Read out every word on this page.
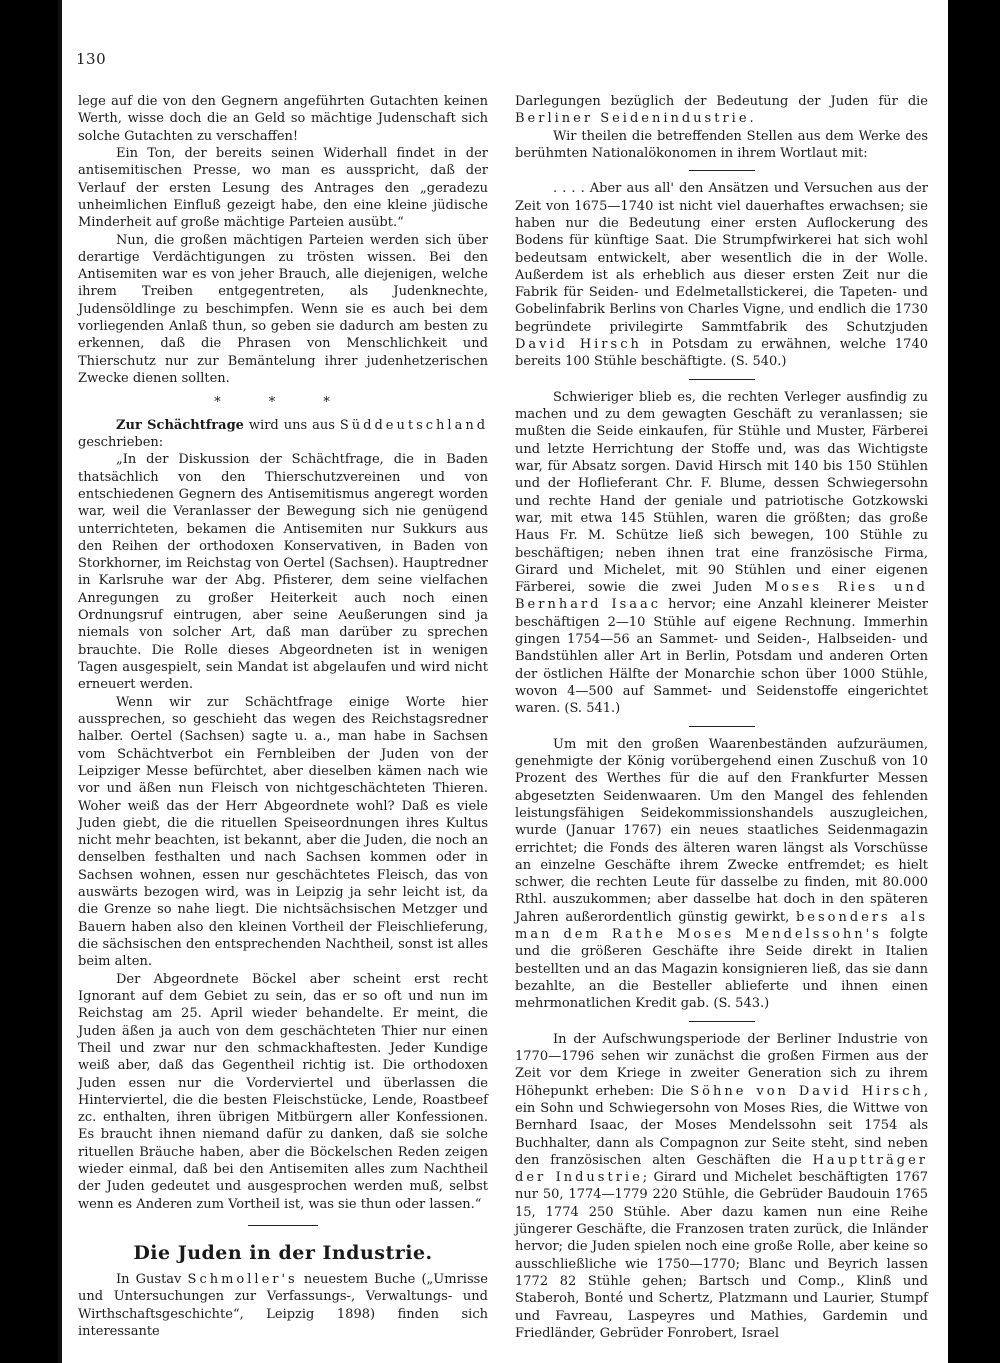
130

lege auf die von den Gegnern angeführten Gutachten keinen Werth, wisse doch die an Geld so mächtige Judenschaft sich solche Gutachten zu verschaffen!

Ein Ton, der bereits seinen Widerhall findet in der antisemitischen Presse, wo man es ausspricht, daß der Verlauf der ersten Lesung des Antrages den „geradezu unheimlichen Einfluß gezeigt habe, den eine kleine jüdische Minderheit auf große mächtige Parteien ausübt.“

Nun, die großen mächtigen Parteien werden sich über derartige Verdächtigungen zu trösten wissen. Bei den Antisemiten war es von jeher Brauch, alle diejenigen, welche ihrem Treiben entgegentreten, als Judenknechte, Judensöldlinge zu beschimpfen. Wenn sie es auch bei dem vorliegenden Anlaß thun, so geben sie dadurch am besten zu erkennen, daß die Phrasen von Menschlichkeit und Thierschutz nur zur Bemäntelung ihrer judenhetzerischen Zwecke dienen sollten.

* * *

Zur Schächtfrage wird uns aus Süddeutschland geschrieben:

„In der Diskussion der Schächtfrage, die in Baden thatsächlich von den Thierschutzvereinen und von entschiedenen Gegnern des Antisemitismus angeregt worden war, weil die Veranlasser der Bewegung sich nie genügend unterrichteten, bekamen die Antisemiten nur Sukkurs aus den Reihen der orthodoxen Konservativen, in Baden von Storkhorner, im Reichstag von Oertel (Sachsen). Hauptredner in Karlsruhe war der Abg. Pfisterer, dem seine vielfachen Anregungen zu großer Heiterkeit auch noch einen Ordnungsruf eintrugen, aber seine Aeußerungen sind ja niemals von solcher Art, daß man darüber zu sprechen brauchte. Die Rolle dieses Abgeordneten ist in wenigen Tagen ausgespielt, sein Mandat ist abgelaufen und wird nicht erneuert werden.

Wenn wir zur Schächtfrage einige Worte hier aussprechen, so geschieht das wegen des Reichstagsredner halber. Oertel (Sachsen) sagte u. a., man habe in Sachsen vom Schächtverbot ein Fernbleiben der Juden von der Leipziger Messe befürchtet, aber dieselben kämen nach wie vor und äßen nun Fleisch von nichtgeschächteten Thieren. Woher weiß das der Herr Abgeordnete wohl? Daß es viele Juden giebt, die die rituellen Speiseordnungen ihres Kultus nicht mehr beachten, ist bekannt, aber die Juden, die noch an denselben festhalten und nach Sachsen kommen oder in Sachsen wohnen, essen nur geschächtetes Fleisch, das von auswärts bezogen wird, was in Leipzig ja sehr leicht ist, da die Grenze so nahe liegt. Die nichtsächsischen Metzger und Bauern haben also den kleinen Vortheil der Fleischlieferung, die sächsischen den entsprechenden Nachtheil, sonst ist alles beim alten.

Der Abgeordnete Böckel aber scheint erst recht Ignorant auf dem Gebiet zu sein, das er so oft und nun im Reichstag am 25. April wieder behandelte. Er meint, die Juden äßen ja auch von dem geschächteten Thier nur einen Theil und zwar nur den schmackhaftesten. Jeder Kundige weiß aber, daß das Gegentheil richtig ist. Die orthodoxen Juden essen nur die Vorderviertel und überlassen die Hinterviertel, die die besten Fleischstücke, Lende, Roastbeef zc. enthalten, ihren übrigen Mitbürgern aller Konfessionen. Es braucht ihnen niemand dafür zu danken, daß sie solche rituellen Bräuche haben, aber die Böckelschen Reden zeigen wieder einmal, daß bei den Antisemiten alles zum Nachtheil der Juden gedeutet und ausgesprochen werden muß, selbst wenn es Anderen zum Vortheil ist, was sie thun oder lassen.“

Die Juden in der Industrie.

In Gustav Schmoller's neuestem Buche („Umrisse und Untersuchungen zur Verfassungs-, Verwaltungs- und Wirthschaftsgeschichte“, Leipzig 1898) finden sich interessante

Darlegungen bezüglich der Bedeutung der Juden für die Berliner Seidenindustrie.

Wir theilen die betreffenden Stellen aus dem Werke des berühmten Nationalökonomen in ihrem Wortlaut mit:

. . . . Aber aus all' den Ansätzen und Versuchen aus der Zeit von 1675—1740 ist nicht viel dauerhaftes erwachsen; sie haben nur die Bedeutung einer ersten Auflockerung des Bodens für künftige Saat. Die Strumpfwirkerei hat sich wohl bedeutsam entwickelt, aber wesentlich die in der Wolle. Außerdem ist als erheblich aus dieser ersten Zeit nur die Fabrik für Seiden- und Edelmetallstickerei, die Tapeten- und Gobelinfabrik Berlins von Charles Vigne, und endlich die 1730 begründete privilegirte Sammtfabrik des Schutzjuden David Hirsch in Potsdam zu erwähnen, welche 1740 bereits 100 Stühle beschäftigte. (S. 540.)

Schwieriger blieb es, die rechten Verleger ausfindig zu machen und zu dem gewagten Geschäft zu veranlassen; sie mußten die Seide einkaufen, für Stühle und Muster, Färberei und letzte Herrichtung der Stoffe und, was das Wichtigste war, für Absatz sorgen. David Hirsch mit 140 bis 150 Stühlen und der Hoflieferant Chr. F. Blume, dessen Schwiegersohn und rechte Hand der geniale und patriotische Gotzkowski war, mit etwa 145 Stühlen, waren die größten; das große Haus Fr. M. Schütze ließ sich bewegen, 100 Stühle zu beschäftigen; neben ihnen trat eine französische Firma, Girard und Michelet, mit 90 Stühlen und einer eigenen Färberei, sowie die zwei Juden Moses Ries und Bernhard Isaac hervor; eine Anzahl kleinerer Meister beschäftigen 2—10 Stühle auf eigene Rechnung. Immerhin gingen 1754—56 an Sammet- und Seiden-, Halbseiden- und Bandstühlen aller Art in Berlin, Potsdam und anderen Orten der östlichen Hälfte der Monarchie schon über 1000 Stühle, wovon 4—500 auf Sammet- und Seidenstoffe eingerichtet waren. (S. 541.)

Um mit den großen Waarenbeständen aufzuräumen, genehmigte der König vorübergehend einen Zuschuß von 10 Prozent des Werthes für die auf den Frankfurter Messen abgesetzten Seidenwaaren. Um den Mangel des fehlenden leistungsfähigen Seidekommissionshandels auszugleichen, wurde (Januar 1767) ein neues staatliches Seidenmagazin errichtet; die Fonds des älteren waren längst als Vorschüsse an einzelne Geschäfte ihrem Zwecke entfremdet; es hielt schwer, die rechten Leute für dasselbe zu finden, mit 80.000 Rthl. auszukommen; aber dasselbe hat doch in den späteren Jahren außerordentlich günstig gewirkt, besonders als man dem Rathe Moses Mendelssohn's folgte und die größeren Geschäfte ihre Seide direkt in Italien bestellten und an das Magazin konsignieren ließ, das sie dann bezahlte, an die Besteller ablieferte und ihnen einen mehrmonatlichen Kredit gab. (S. 543.)

In der Aufschwungsperiode der Berliner Industrie von 1770—1796 sehen wir zunächst die großen Firmen aus der Zeit vor dem Kriege in zweiter Generation sich zu ihrem Höhepunkt erheben: Die Söhne von David Hirsch, ein Sohn und Schwiegersohn von Moses Ries, die Wittwe von Bernhard Isaac, der Moses Mendelssohn seit 1754 als Buchhalter, dann als Compagnon zur Seite steht, sind neben den französischen alten Geschäften die Hauptträger der Industrie; Girard und Michelet beschäftigten 1767 nur 50, 1774—1779 220 Stühle, die Gebrüder Baudouin 1765 15, 1774 250 Stühle. Aber dazu kamen nun eine Reihe jüngerer Geschäfte, die Franzosen traten zurück, die Inländer hervor; die Juden spielen noch eine große Rolle, aber keine so ausschließliche wie 1750—1770; Blanc und Beyrich lassen 1772 82 Stühle gehen; Bartsch und Comp., Klinß und Staberoh, Bonté und Schertz, Platzmann und Laurier, Stumpf und Favreau, Laspeyres und Mathies, Gardemin und Friedländer, Gebrüder Fonrobert, Israel
